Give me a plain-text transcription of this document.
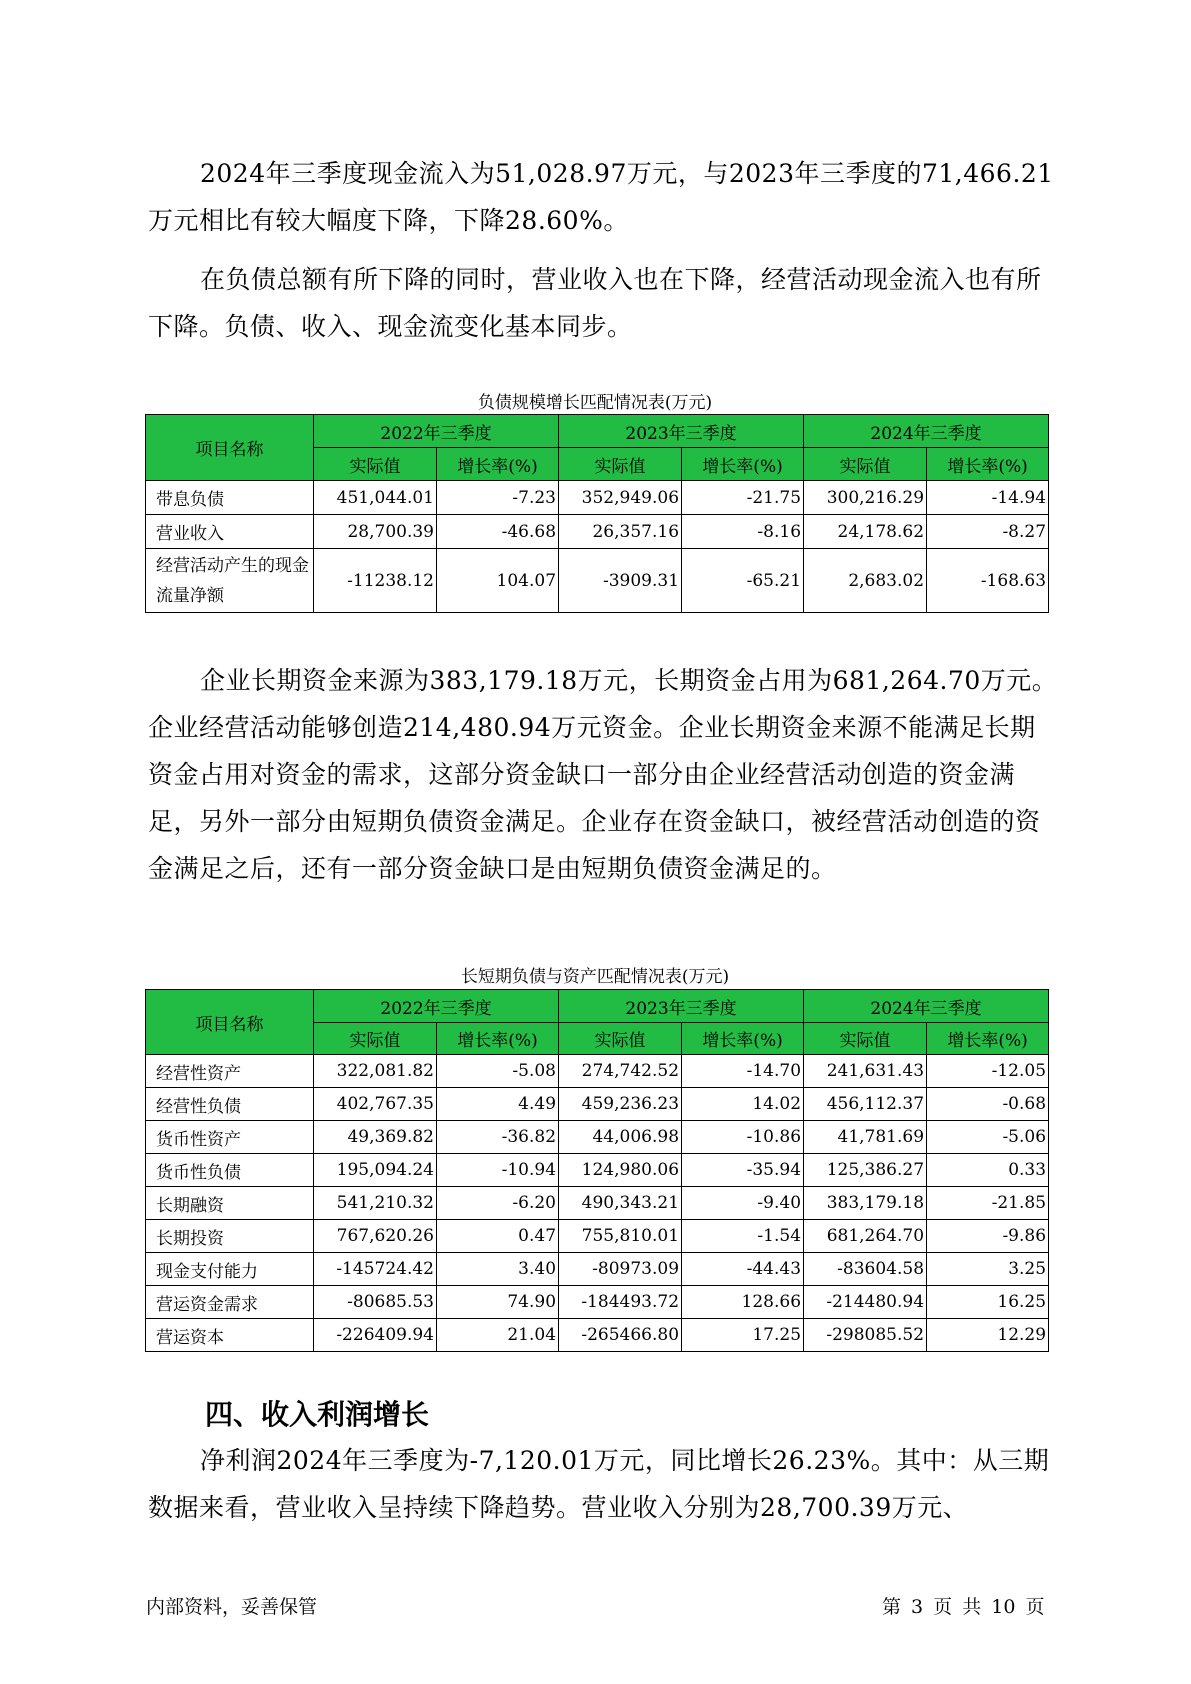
2024年三季度现金流入为51,028.97万元，与2023年三季度的71,466.21万元相比有较大幅度下降，下降28.60%。

在负债总额有所下降的同时，营业收入也在下降，经营活动现金流入也有所下降。负债、收入、现金流变化基本同步。

负债规模增长匹配情况表(万元)
项目名称	2022年三季度		2023年三季度		2024年三季度	
	实际值	增长率(%)	实际值	增长率(%)	实际值	增长率(%)
带息负债	451,044.01	-7.23	352,949.06	-21.75	300,216.29	-14.94
营业收入	28,700.39	-46.68	26,357.16	-8.16	24,178.62	-8.27
经营活动产生的现金流量净额	-11238.12	104.07	-3909.31	-65.21	2,683.02	-168.63

企业长期资金来源为383,179.18万元，长期资金占用为681,264.70万元。企业经营活动能够创造214,480.94万元资金。企业长期资金来源不能满足长期资金占用对资金的需求，这部分资金缺口一部分由企业经营活动创造的资金满足，另外一部分由短期负债资金满足。企业存在资金缺口，被经营活动创造的资金满足之后，还有一部分资金缺口是由短期负债资金满足的。

长短期负债与资产匹配情况表(万元)
项目名称	2022年三季度		2023年三季度		2024年三季度	
	实际值	增长率(%)	实际值	增长率(%)	实际值	增长率(%)
经营性资产	322,081.82	-5.08	274,742.52	-14.70	241,631.43	-12.05
经营性负债	402,767.35	4.49	459,236.23	14.02	456,112.37	-0.68
货币性资产	49,369.82	-36.82	44,006.98	-10.86	41,781.69	-5.06
货币性负债	195,094.24	-10.94	124,980.06	-35.94	125,386.27	0.33
长期融资	541,210.32	-6.20	490,343.21	-9.40	383,179.18	-21.85
长期投资	767,620.26	0.47	755,810.01	-1.54	681,264.70	-9.86
现金支付能力	-145724.42	3.40	-80973.09	-44.43	-83604.58	3.25
营运资金需求	-80685.53	74.90	-184493.72	128.66	-214480.94	16.25
营运资本	-226409.94	21.04	-265466.80	17.25	-298085.52	12.29
四、收入利润增长

净利润2024年三季度为-7,120.01万元，同比增长26.23%。其中：从三期数据来看，营业收入呈持续下降趋势。营业收入分别为28,700.39万元、

内部资料，妥善保管	第 3 页 共 10 页
